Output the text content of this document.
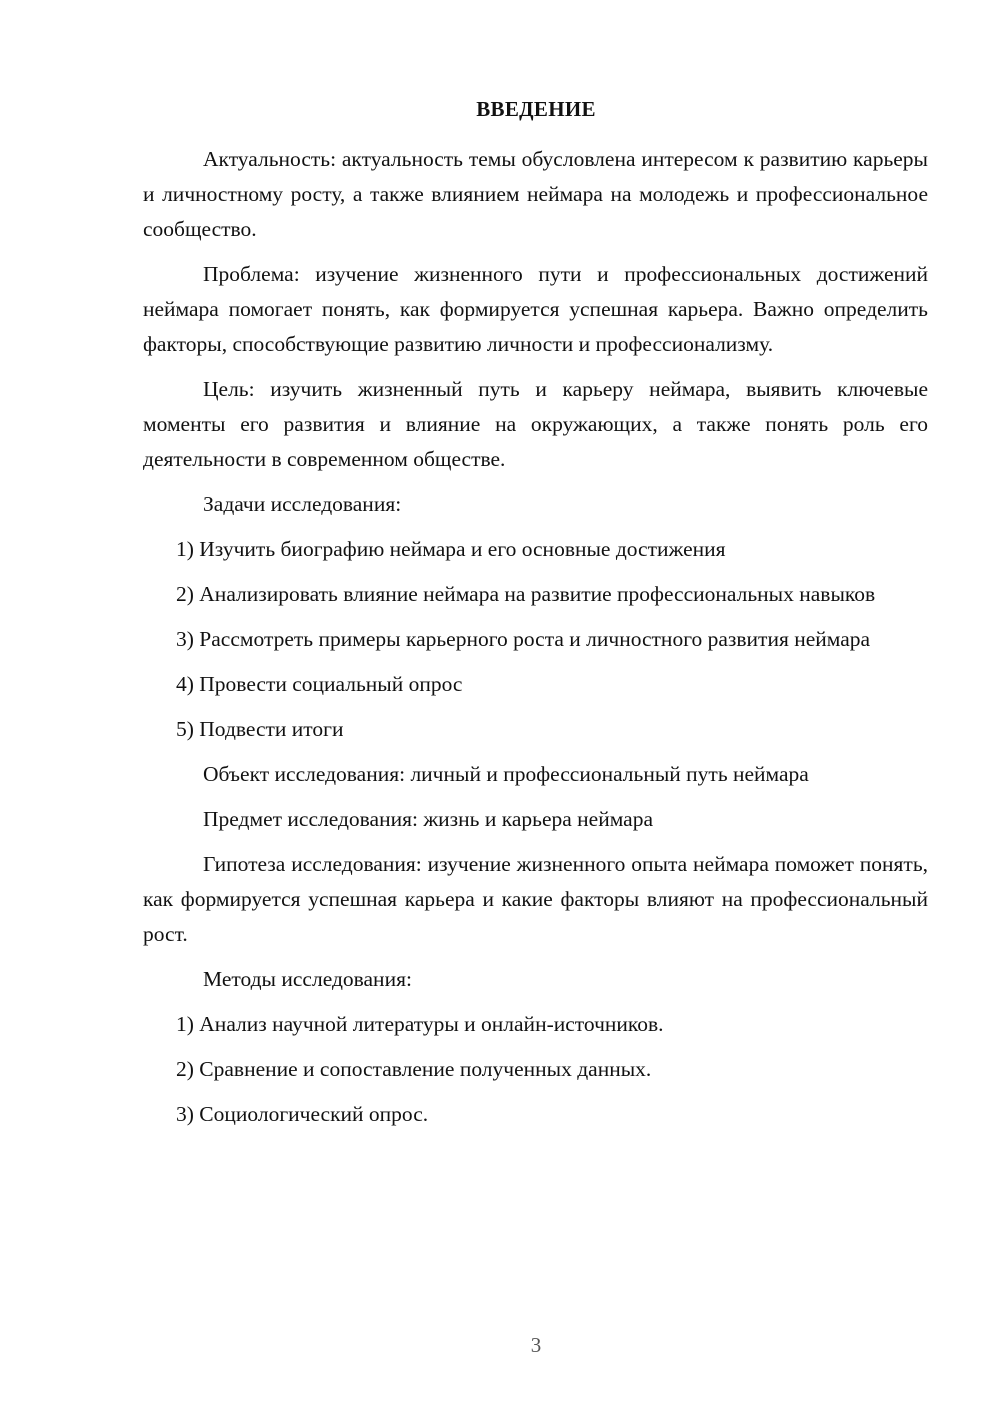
ВВЕДЕНИЕ

Актуальность: актуальность темы обусловлена интересом к развитию карьеры и личностному росту, а также влиянием неймара на молодежь и профессиональное сообщество.

Проблема: изучение жизненного пути и профессиональных достижений неймара помогает понять, как формируется успешная карьера. Важно определить факторы, способствующие развитию личности и профессионализму.

Цель: изучить жизненный путь и карьеру неймара, выявить ключевые моменты его развития и влияние на окружающих, а также понять роль его деятельности в современном обществе.

Задачи исследования:

1) Изучить биографию неймара и его основные достижения

2) Анализировать влияние неймара на развитие профессиональных навыков

3) Рассмотреть примеры карьерного роста и личностного развития неймара

4) Провести социальный опрос

5) Подвести итоги

Объект исследования: личный и профессиональный путь неймара

Предмет исследования: жизнь и карьера неймара

Гипотеза исследования: изучение жизненного опыта неймара поможет понять, как формируется успешная карьера и какие факторы влияют на профессиональный рост.

Методы исследования:

1) Анализ научной литературы и онлайн-источников.

2) Сравнение и сопоставление полученных данных.

3) Социологический опрос.

3
